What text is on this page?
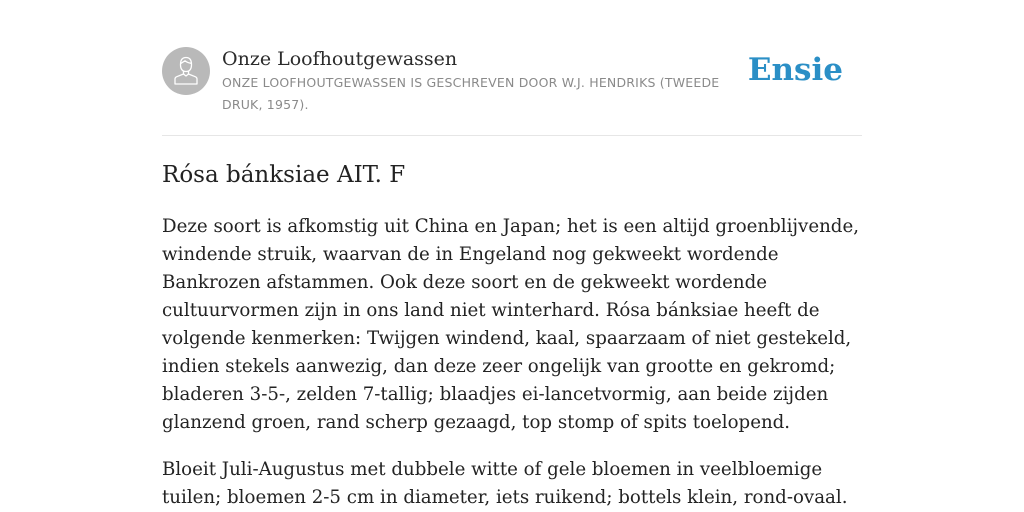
Onze Loofhoutgewassen
ONZE LOOFHOUTGEWASSEN IS GESCHREVEN DOOR W.J. HENDRIKS (TWEEDE DRUK, 1957).
Ensie
Rósa bánksiae AIT. F

Deze soort is afkomstig uit China en Japan; het is een altijd groenblijvende, windende struik, waarvan de in Engeland nog gekweekt wordende Bankrozen afstammen. Ook deze soort en de gekweekt wordende cultuurvormen zijn in ons land niet winterhard. Rósa bánksiae heeft de volgende kenmerken: Twijgen windend, kaal, spaarzaam of niet gestekeld, indien stekels aanwezig, dan deze zeer ongelijk van grootte en gekromd; bladeren 3-5-, zelden 7-tallig; blaadjes ei-lancetvormig, aan beide zijden glanzend groen, rand scherp gezaagd, top stomp of spits toelopend.

Bloeit Juli-Augustus met dubbele witte of gele bloemen in veelbloemige tuilen; bloemen 2-5 cm in diameter, iets ruikend; bottels klein, rond-ovaal.
